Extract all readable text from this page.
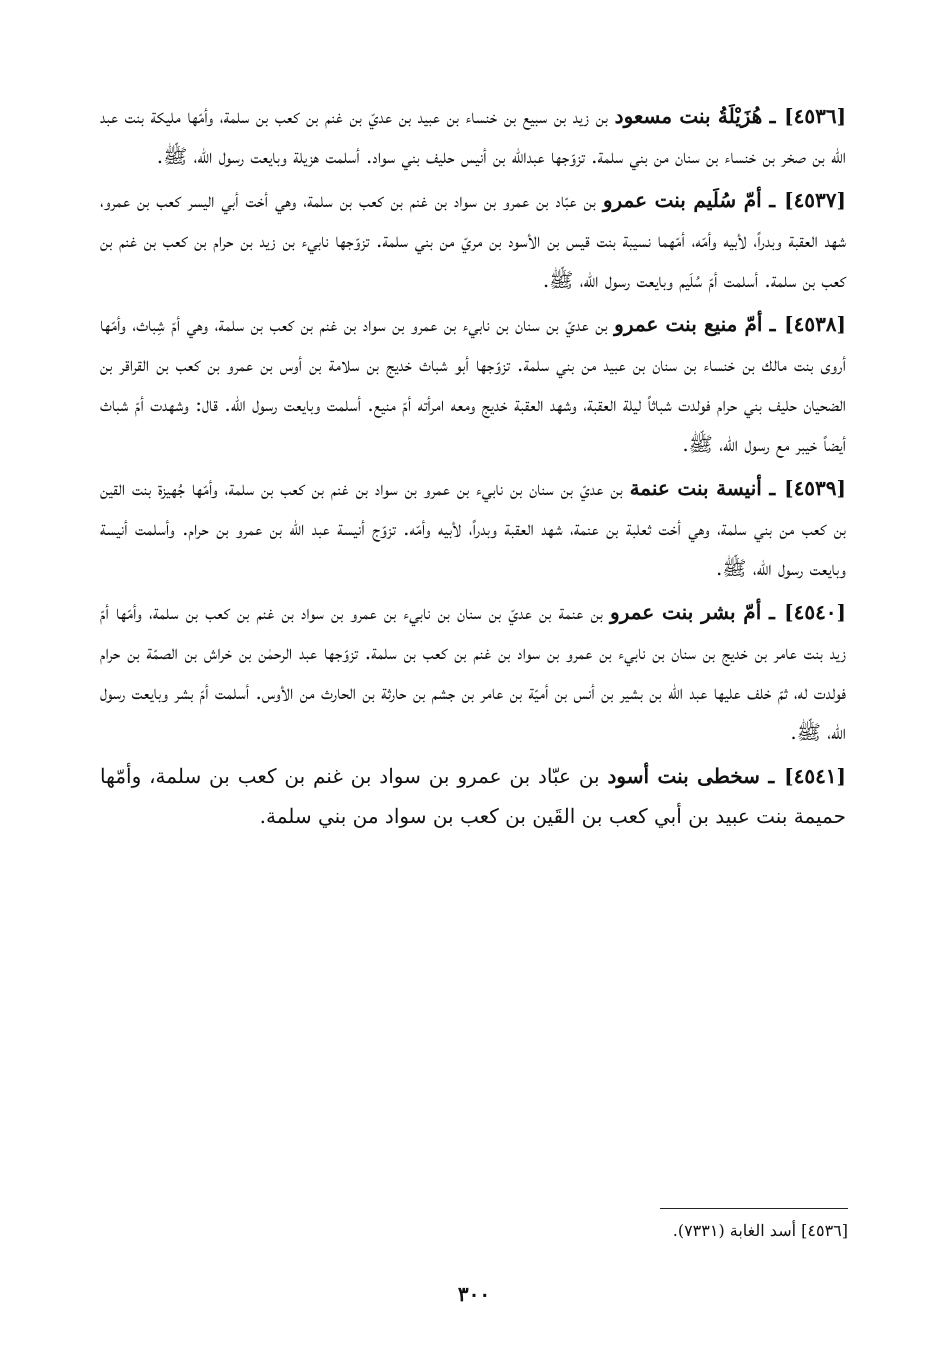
[٤٥٣٦] ـ هُزَيْلَةُ بنت مسعود بن زيد بن سبيع بن خنساء بن عبيد بن عديّ بن غنم بن كعب بن سلمة، وأمّها مليكة بنت عبد الله بن صخر بن خنساء بن سنان من بني سلمة. تزوّجها عبدالله بن أنيس حليف بني سواد. أسلمت هزيلة وبايعت رسول الله، ﷺ.

[٤٥٣٧] ـ أمّ سُلَيم بنت عمرو بن عبّاد بن عمرو بن سواد بن غنم بن كعب بن سلمة، وهي أخت أبي اليسر كعب بن عمرو، شهد العقبة وبدراً، لأبيه وأمّه، أمّهما نسيبة بنت قيس بن الأسود بن مريّ من بني سلمة. تزوّجها نابيء بن زيد بن حرام بن كعب بن غنم بن كعب بن سلمة. أسلمت أمّ سُلَيم وبايعت رسول الله، ﷺ.

[٤٥٣٨] ـ أمّ منيع بنت عمرو بن عديّ بن سنان بن نابيء بن عمرو بن سواد بن غنم بن كعب بن سلمة، وهي أمّ شِباث، وأمّها أروى بنت مالك بن خنساء بن سنان بن عبيد من بني سلمة. تزوّجها أبو شباث خديج بن سلامة بن أوس بن عمرو بن كعب بن القراقر بن الضحيان حليف بني حرام فولدت شباثاً ليلة العقبة، وشهد العقبة خديج ومعه امرأته أمّ منيع. أسلمت وبايعت رسول الله. قال: وشهدت أمّ شباث أيضاً خيبر مع رسول الله، ﷺ.

[٤٥٣٩] ـ أنيسة بنت عنمة بن عديّ بن سنان بن نابيء بن عمرو بن سواد بن غنم بن كعب بن سلمة، وأمّها جُهيزة بنت القين بن كعب من بني سلمة، وهي أخت ثعلبة بن عنمة، شهد العقبة وبدراً، لأبيه وأمّه. تزوّج أنيسة عبد الله بن عمرو بن حرام. وأسلمت أنيسة وبايعت رسول الله، ﷺ.

[٤٥٤٠] ـ أمّ بشر بنت عمرو بن عنمة بن عديّ بن سنان بن نابيء بن عمرو بن سواد بن غنم بن كعب بن سلمة، وأمّها أمّ زيد بنت عامر بن خديج بن سنان بن نابيء بن عمرو بن سواد بن غنم بن كعب بن سلمة. تزوّجها عبد الرحمٰن بن خراش بن الصمّة بن حرام فولدت له، ثمّ خلف عليها عبد الله بن بشير بن أنس بن أميّة بن عامر بن جشم بن حارثة بن الحارث من الأوس. أسلمت أمّ بشر وبايعت رسول الله، ﷺ.

[٤٥٤١] ـ سخطى بنت أسود بن عبّاد بن عمرو بن سواد بن غنم بن كعب بن سلمة، وأمّها حميمة بنت عبيد بن أبي كعب بن القَين بن كعب بن سواد من بني سلمة.

[٤٥٣٦] أسد الغابة (٧٣٣١).
٣٠٠
